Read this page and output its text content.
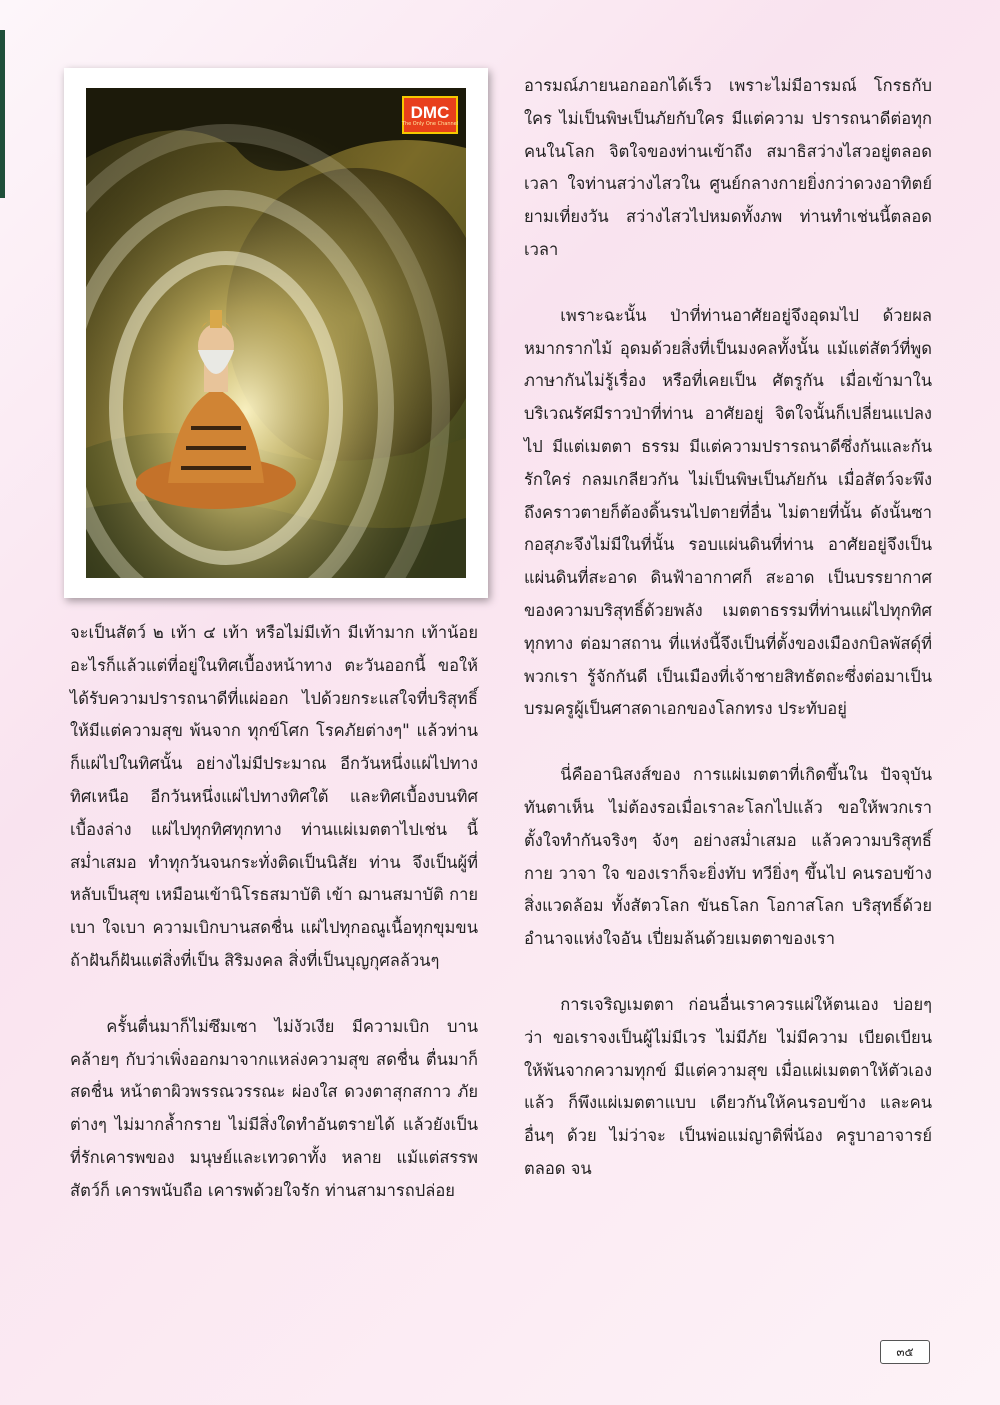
DMC
The Only One Channel

จะเป็นสัตว์ ๒ เท้า ๔ เท้า หรือไม่มีเท้า มีเท้ามาก เท้าน้อย อะไรก็แล้วแต่ที่อยู่ในทิศเบื้องหน้าทาง ตะวันออกนี้ ขอให้ได้รับความปรารถนาดีที่แผ่ออก ไปด้วยกระแสใจที่บริสุทธิ์ ให้มีแต่ความสุข พ้นจาก ทุกข์โศก โรคภัยต่างๆ" แล้วท่านก็แผ่ไปในทิศนั้น อย่างไม่มีประมาณ อีกวันหนึ่งแผ่ไปทางทิศเหนือ อีกวันหนึ่งแผ่ไปทางทิศใต้ และทิศเบื้องบนทิศ เบื้องล่าง แผ่ไปทุกทิศทุกทาง ท่านแผ่เมตตาไปเช่น นี้สม่ำเสมอ ทำทุกวันจนกระทั่งติดเป็นนิสัย ท่าน จึงเป็นผู้ที่หลับเป็นสุข เหมือนเข้านิโรธสมาบัติ เข้า ฌานสมาบัติ กายเบา ใจเบา ความเบิกบานสดชื่น แผ่ไปทุกอณูเนื้อทุกขุมขน ถ้าฝันก็ฝันแต่สิ่งที่เป็น สิริมงคล สิ่งที่เป็นบุญกุศลล้วนๆ

ครั้นตื่นมาก็ไม่ซึมเซา ไม่งัวเงีย มีความเบิก บานคล้ายๆ กับว่าเพิ่งออกมาจากแหล่งความสุข สดชื่น ตื่นมาก็สดชื่น หน้าตาผิวพรรณวรรณะ ผ่องใส ดวงตาสุกสกาว ภัยต่างๆ ไม่มากล้ำกราย ไม่มีสิ่งใดทำอันตรายได้ แล้วยังเป็นที่รักเคารพของ มนุษย์และเทวดาทั้ง หลาย แม้แต่สรรพสัตว์ก็ เคารพนับถือ เคารพด้วยใจรัก ท่านสามารถปล่อย

อารมณ์ภายนอกออกได้เร็ว เพราะไม่มีอารมณ์ โกรธกับใคร ไม่เป็นพิษเป็นภัยกับใคร มีแต่ความ ปรารถนาดีต่อทุกคนในโลก จิตใจของท่านเข้าถึง สมาธิสว่างไสวอยู่ตลอดเวลา ใจท่านสว่างไสวใน ศูนย์กลางกายยิ่งกว่าดวงอาทิตย์ยามเที่ยงวัน สว่างไสวไปหมดทั้งภพ ท่านทำเช่นนี้ตลอดเวลา

เพราะฉะนั้น ป่าที่ท่านอาศัยอยู่จึงอุดมไป ด้วยผลหมากรากไม้ อุดมด้วยสิ่งที่เป็นมงคลทั้งนั้น แม้แต่สัตว์ที่พูดภาษากันไม่รู้เรื่อง หรือที่เคยเป็น ศัตรูกัน เมื่อเข้ามาในบริเวณรัศมีราวป่าที่ท่าน อาศัยอยู่ จิตใจนั้นก็เปลี่ยนแปลงไป มีแต่เมตตา ธรรม มีแต่ความปรารถนาดีซึ่งกันและกัน รักใคร่ กลมเกลียวกัน ไม่เป็นพิษเป็นภัยกัน เมื่อสัตว์จะพึง ถึงคราวตายก็ต้องดิ้นรนไปตายที่อื่น ไม่ตายที่นั้น ดังนั้นซากอสุภะจึงไม่มีในที่นั้น รอบแผ่นดินที่ท่าน อาศัยอยู่จึงเป็นแผ่นดินที่สะอาด ดินฟ้าอากาศก็ สะอาด เป็นบรรยากาศของความบริสุทธิ์ด้วยพลัง เมตตาธรรมที่ท่านแผ่ไปทุกทิศทุกทาง ต่อมาสถาน ที่แห่งนี้จึงเป็นที่ตั้งของเมืองกบิลพัสดุ์ที่พวกเรา รู้จักกันดี เป็นเมืองที่เจ้าชายสิทธัตถะซึ่งต่อมาเป็น บรมครูผู้เป็นศาสดาเอกของโลกทรง ประทับอยู่

นี่คืออานิสงส์ของ การแผ่เมตตาที่เกิดขึ้นใน ปัจจุบันทันตาเห็น ไม่ต้องรอเมื่อเราละโลกไปแล้ว ขอให้พวกเราตั้งใจทำกันจริงๆ จังๆ อย่างสม่ำเสมอ แล้วความบริสุทธิ์กาย วาจา ใจ ของเราก็จะยิ่งทับ ทวียิ่งๆ ขึ้นไป คนรอบข้างสิ่งแวดล้อม ทั้งสัตวโลก ขันธโลก โอกาสโลก บริสุทธิ์ด้วยอำนาจแห่งใจอัน เปี่ยมล้นด้วยเมตตาของเรา

การเจริญเมตตา ก่อนอื่นเราควรแผ่ให้ตนเอง บ่อยๆ ว่า ขอเราจงเป็นผู้ไม่มีเวร ไม่มีภัย ไม่มีความ เบียดเบียน ให้พ้นจากความทุกข์ มีแต่ความสุข เมื่อแผ่เมตตาให้ตัวเองแล้ว ก็พึงแผ่เมตตาแบบ เดียวกันให้คนรอบข้าง และคนอื่นๆ ด้วย ไม่ว่าจะ เป็นพ่อแม่ญาติพี่น้อง ครูบาอาจารย์ตลอด จน

๓๕
